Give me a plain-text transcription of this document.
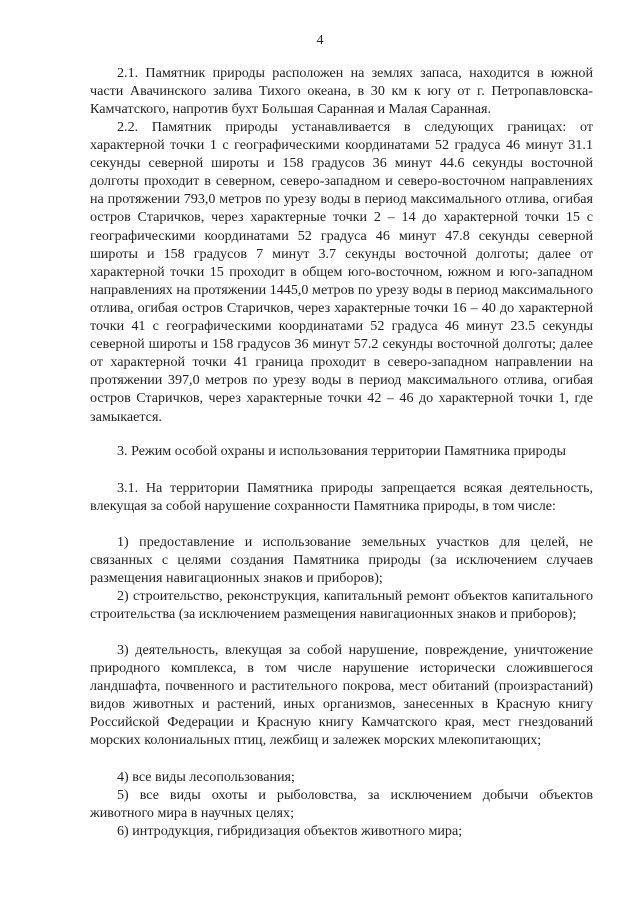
4
2.1. Памятник природы расположен на землях запаса, находится в южной части Авачинского залива Тихого океана, в 30 км к югу от г. Петропавловска-Камчатского, напротив бухт Большая Саранная и Малая Саранная.
2.2. Памятник природы устанавливается в следующих границах: от характерной точки 1 с географическими координатами 52 градуса 46 минут 31.1 секунды северной широты и 158 градусов 36 минут 44.6 секунды восточной долготы проходит в северном, северо-западном и северо-восточном направлениях на протяжении 793,0 метров по урезу воды в период максимального отлива, огибая остров Старичков, через характерные точки 2 – 14 до характерной точки 15 с географическими координатами 52 градуса 46 минут 47.8 секунды северной широты и 158 градусов 7 минут 3.7 секунды восточной долготы; далее от характерной точки 15 проходит в общем юго-восточном, южном и юго-западном направлениях на протяжении 1445,0 метров по урезу воды в период максимального отлива, огибая остров Старичков, через характерные точки 16 – 40 до характерной точки 41 с географическими координатами 52 градуса 46 минут 23.5 секунды северной широты и 158 градусов 36 минут 57.2 секунды восточной долготы; далее от характерной точки 41 граница проходит в северо-западном направлении на протяжении 397,0 метров по урезу воды в период максимального отлива, огибая остров Старичков, через характерные точки 42 – 46 до характерной точки 1, где замыкается.
3. Режим особой охраны и использования территории Памятника природы
3.1. На территории Памятника природы запрещается всякая деятельность, влекущая за собой нарушение сохранности Памятника природы, в том числе:
1) предоставление и использование земельных участков для целей, не связанных с целями создания Памятника природы (за исключением случаев размещения навигационных знаков и приборов);
2) строительство, реконструкция, капитальный ремонт объектов капитального строительства (за исключением размещения навигационных знаков и приборов);
3) деятельность, влекущая за собой нарушение, повреждение, уничтожение природного комплекса, в том числе нарушение исторически сложившегося ландшафта, почвенного и растительного покрова, мест обитаний (произрастаний) видов животных и растений, иных организмов, занесенных в Красную книгу Российской Федерации и Красную книгу Камчатского края, мест гнездований морских колониальных птиц, лежбищ и залежек морских млекопитающих;
4) все виды лесопользования;
5) все виды охоты и рыболовства, за исключением добычи объектов животного мира в научных целях;
6) интродукция, гибридизация объектов животного мира;
